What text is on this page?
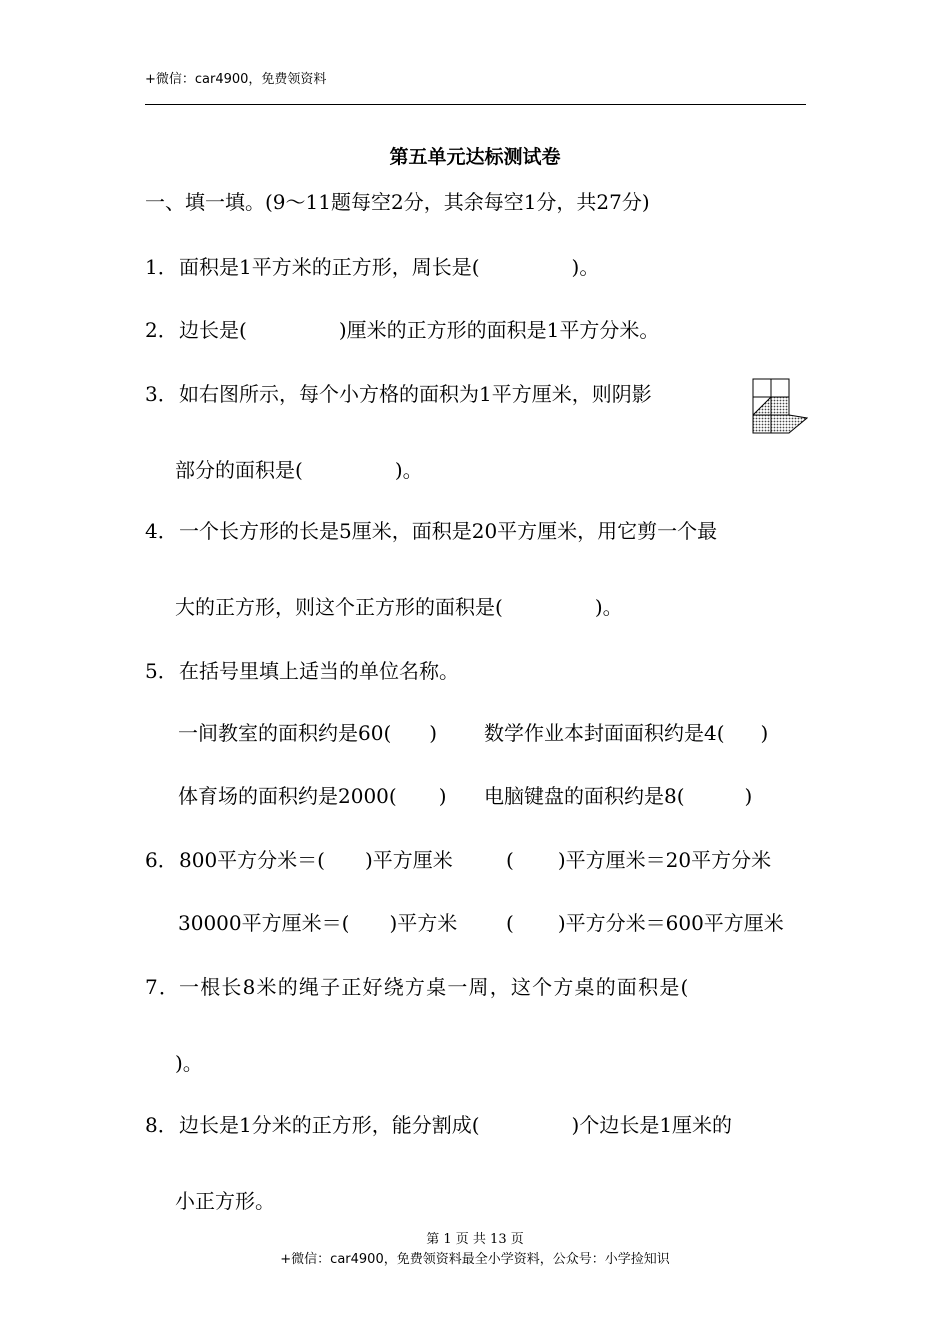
+微信：car4900，免费领资料
第五单元达标测试卷
一、填一填。(9～11题每空2分，其余每空1分，共27分)
1．面积是1平方米的正方形，周长是(	)。
2．边长是(	)厘米的正方形的面积是1平方分米。
3．如右图所示，每个小方格的面积为1平方厘米，则阴影
部分的面积是(	)。
4．一个长方形的长是5厘米，面积是20平方厘米，用它剪一个最
大的正方形，则这个正方形的面积是(	)。
5．在括号里填上适当的单位名称。
一间教室的面积约是60( ) 数学作业本封面面积约是4( )
体育场的面积约是2000( ) 电脑键盘的面积约是8(	)
6．800平方分米＝( )平方厘米	( )平方厘米＝20平方分米
30000平方厘米＝( )平方米 ( )平方分米＝600平方厘米
7．一根长8米的绳子正好绕方桌一周，这个方桌的面积是(
)。
8．边长是1分米的正方形，能分割成(	)个边长是1厘米的
小正方形。
第 1 页 共 13 页
+微信：car4900，免费领资料最全小学资料，公众号：小学捡知识
